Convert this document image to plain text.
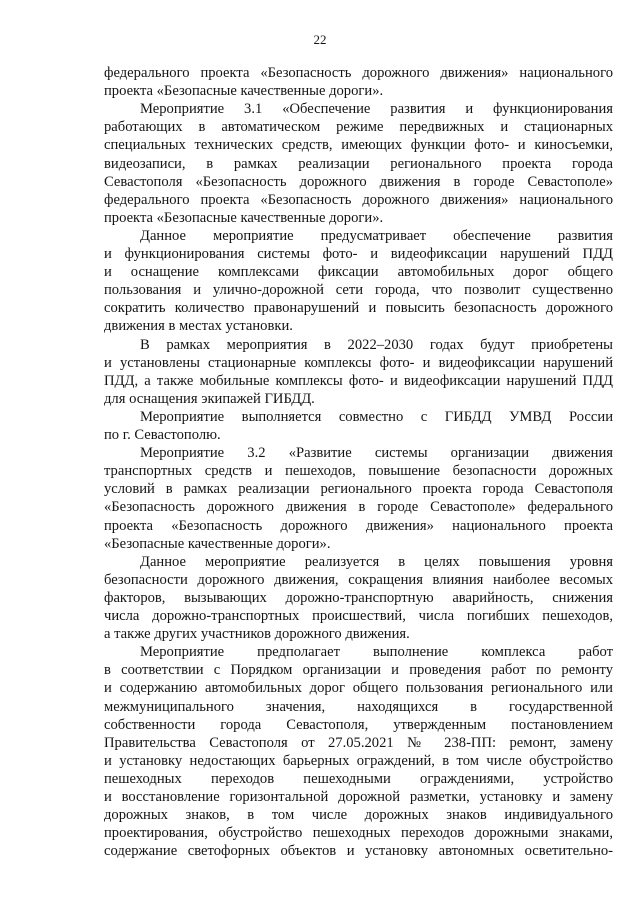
22
федерального проекта «Безопасность дорожного движения» национального
проекта «Безопасные качественные дороги».
Мероприятие 3.1 «Обеспечение развития и функционирования
работающих в автоматическом режиме передвижных и стационарных
специальных технических средств, имеющих функции фото- и киносъемки,
видеозаписи, в рамках реализации регионального проекта города
Севастополя «Безопасность дорожного движения в городе Севастополе»
федерального проекта «Безопасность дорожного движения» национального
проекта «Безопасные качественные дороги».
Данное мероприятие предусматривает обеспечение развития
и функционирования системы фото- и видеофиксации нарушений ПДД
и оснащение комплексами фиксации автомобильных дорог общего
пользования и улично-дорожной сети города, что позволит существенно
сократить количество правонарушений и повысить безопасность дорожного
движения в местах установки.
В рамках мероприятия в 2022–2030 годах будут приобретены
и установлены стационарные комплексы фото- и видеофиксации нарушений
ПДД, а также мобильные комплексы фото- и видеофиксации нарушений ПДД
для оснащения экипажей ГИБДД.
Мероприятие выполняется совместно с ГИБДД УМВД России
по г. Севастополю.
Мероприятие 3.2 «Развитие системы организации движения
транспортных средств и пешеходов, повышение безопасности дорожных
условий в рамках реализации регионального проекта города Севастополя
«Безопасность дорожного движения в городе Севастополе» федерального
проекта «Безопасность дорожного движения» национального проекта
«Безопасные качественные дороги».
Данное мероприятие реализуется в целях повышения уровня
безопасности дорожного движения, сокращения влияния наиболее весомых
факторов, вызывающих дорожно-транспортную аварийность, снижения
числа дорожно-транспортных происшествий, числа погибших пешеходов,
а также других участников дорожного движения.
Мероприятие предполагает выполнение комплекса работ
в соответствии с Порядком организации и проведения работ по ремонту
и содержанию автомобильных дорог общего пользования регионального или
межмуниципального значения, находящихся в государственной
собственности города Севастополя, утвержденным постановлением
Правительства Севастополя от 27.05.2021 № 238-ПП: ремонт, замену
и установку недостающих барьерных ограждений, в том числе обустройство
пешеходных переходов пешеходными ограждениями, устройство
и восстановление горизонтальной дорожной разметки, установку и замену
дорожных знаков, в том числе дорожных знаков индивидуального
проектирования, обустройство пешеходных переходов дорожными знаками,
содержание светофорных объектов и установку автономных осветительно-
